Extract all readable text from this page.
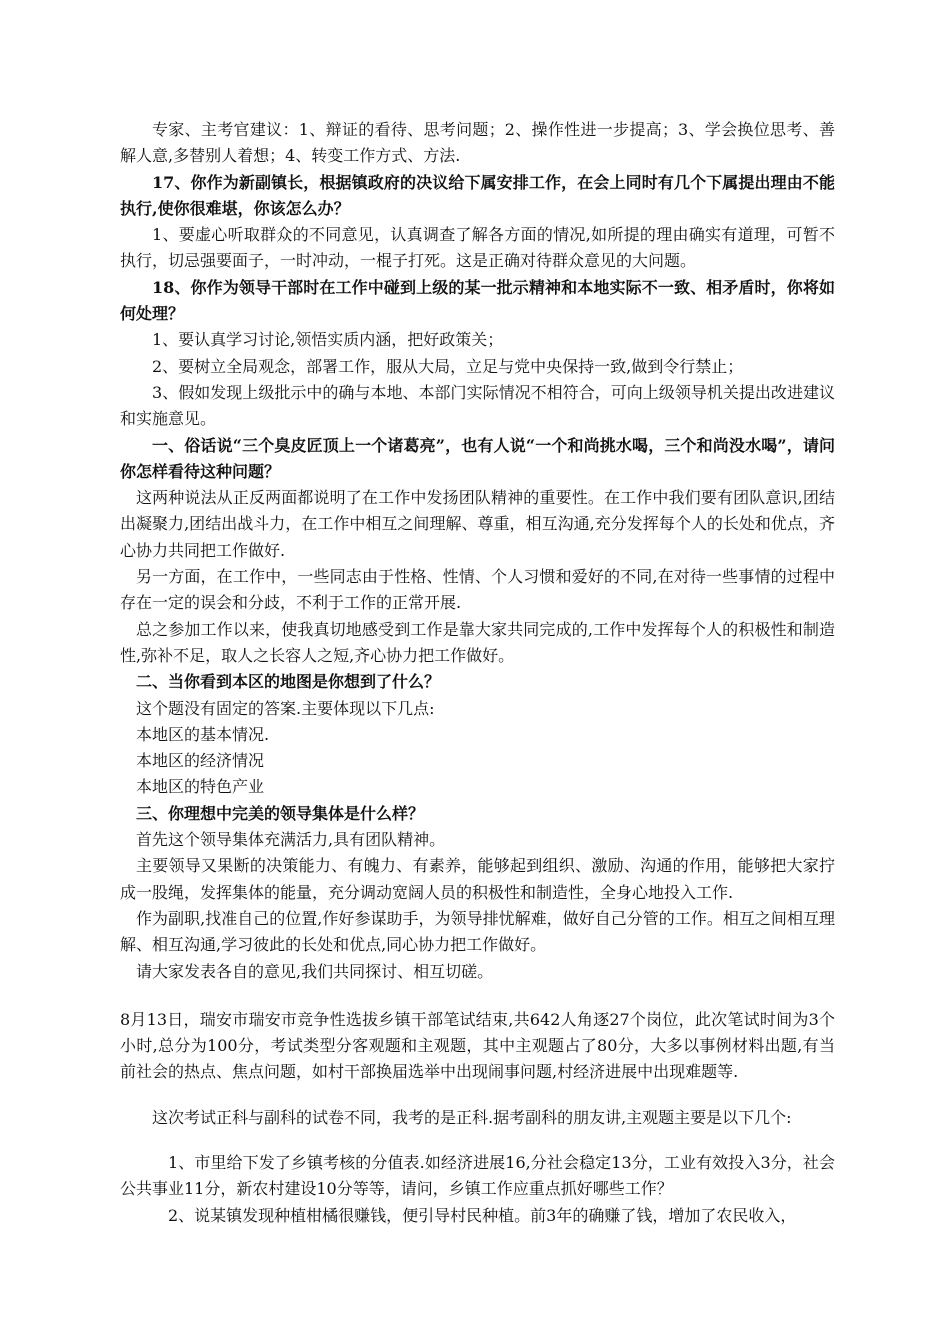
专家、主考官建议：1、辩证的看待、思考问题；2、操作性进一步提高；3、学会换位思考、善解人意,多替别人着想；4、转变工作方式、方法.

17、你作为新副镇长，根据镇政府的决议给下属安排工作，在会上同时有几个下属提出理由不能执行,使你很难堪，你该怎么办？

1、要虚心听取群众的不同意见，认真调查了解各方面的情况,如所提的理由确实有道理，可暂不执行，切忌强要面子，一时冲动，一棍子打死。这是正确对待群众意见的大问题。

18、你作为领导干部时在工作中碰到上级的某一批示精神和本地实际不一致、相矛盾时，你将如何处理？

1、要认真学习讨论,领悟实质内涵，把好政策关；

2、要树立全局观念，部署工作，服从大局，立足与党中央保持一致,做到令行禁止；

3、假如发现上级批示中的确与本地、本部门实际情况不相符合，可向上级领导机关提出改进建议和实施意见。

一、俗话说“三个臭皮匠顶上一个诸葛亮”，也有人说“一个和尚挑水喝，三个和尚没水喝”，请问你怎样看待这种问题？

这两种说法从正反两面都说明了在工作中发扬团队精神的重要性。在工作中我们要有团队意识,团结出凝聚力,团结出战斗力，在工作中相互之间理解、尊重，相互沟通,充分发挥每个人的长处和优点，齐心协力共同把工作做好.

另一方面，在工作中，一些同志由于性格、性情、个人习惯和爱好的不同,在对待一些事情的过程中存在一定的误会和分歧，不利于工作的正常开展.

总之参加工作以来，使我真切地感受到工作是靠大家共同完成的,工作中发挥每个人的积极性和制造性,弥补不足，取人之长容人之短,齐心协力把工作做好。

二、当你看到本区的地图是你想到了什么？

这个题没有固定的答案.主要体现以下几点:

本地区的基本情况.

本地区的经济情况

本地区的特色产业

三、你理想中完美的领导集体是什么样？

首先这个领导集体充满活力,具有团队精神。

主要领导又果断的决策能力、有魄力、有素养，能够起到组织、激励、沟通的作用，能够把大家拧成一股绳，发挥集体的能量，充分调动宽阔人员的积极性和制造性，全身心地投入工作.

作为副职,找准自己的位置,作好参谋助手，为领导排忧解难，做好自己分管的工作。相互之间相互理解、相互沟通,学习彼此的长处和优点,同心协力把工作做好。

请大家发表各自的意见,我们共同探讨、相互切磋。

8月13日，瑞安市瑞安市竞争性选拔乡镇干部笔试结束,共642人角逐27个岗位，此次笔试时间为3个小时,总分为100分，考试类型分客观题和主观题，其中主观题占了80分，大多以事例材料出题,有当前社会的热点、焦点问题，如村干部换届选举中出现闹事问题,村经济进展中出现难题等.

这次考试正科与副科的试卷不同，我考的是正科.据考副科的朋友讲,主观题主要是以下几个:

1、市里给下发了乡镇考核的分值表.如经济进展16,分社会稳定13分，工业有效投入3分，社会公共事业11分，新农村建设10分等等，请问，乡镇工作应重点抓好哪些工作？

2、说某镇发现种植柑橘很赚钱，便引导村民种植。前3年的确赚了钱，增加了农民收入，
